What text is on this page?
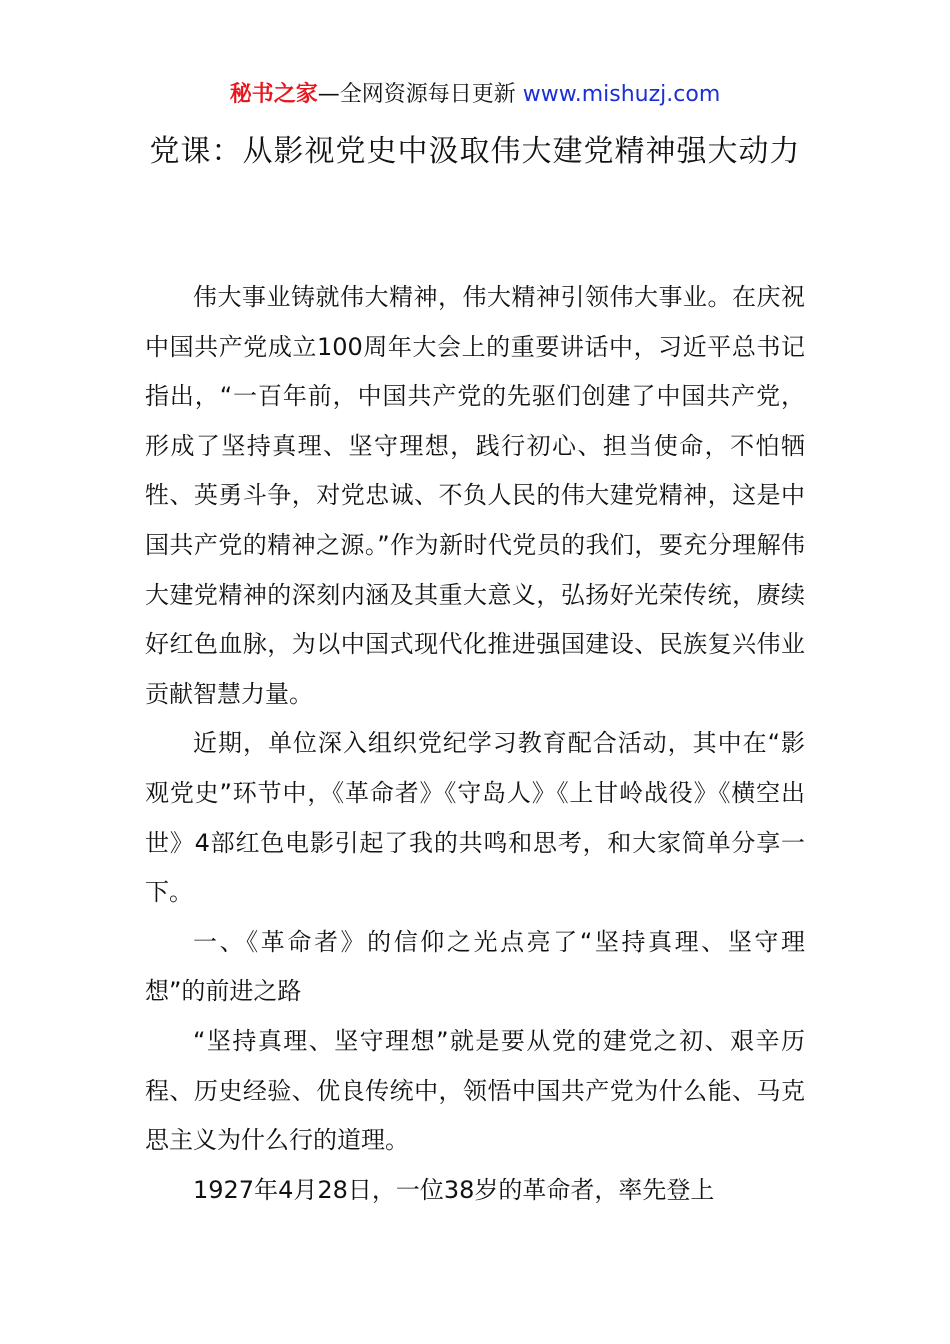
秘书之家—全网资源每日更新 www.mishuzj.com
党课：从影视党史中汲取伟大建党精神强大动力

伟大事业铸就伟大精神，伟大精神引领伟大事业。在庆祝中国共产党成立100周年大会上的重要讲话中，习近平总书记指出，“一百年前，中国共产党的先驱们创建了中国共产党，形成了坚持真理、坚守理想，践行初心、担当使命，不怕牺牲、英勇斗争，对党忠诚、不负人民的伟大建党精神，这是中国共产党的精神之源。”作为新时代党员的我们，要充分理解伟大建党精神的深刻内涵及其重大意义，弘扬好光荣传统，赓续好红色血脉，为以中国式现代化推进强国建设、民族复兴伟业贡献智慧力量。

近期，单位深入组织党纪学习教育配合活动，其中在“影观党史”环节中，《革命者》《守岛人》《上甘岭战役》《横空出世》4部红色电影引起了我的共鸣和思考，和大家简单分享一下。

一、《革命者》的信仰之光点亮了“坚持真理、坚守理想”的前进之路

“坚持真理、坚守理想”就是要从党的建党之初、艰辛历程、历史经验、优良传统中，领悟中国共产党为什么能、马克思主义为什么行的道理。

1927年4月28日，一位38岁的革命者，率先登上
